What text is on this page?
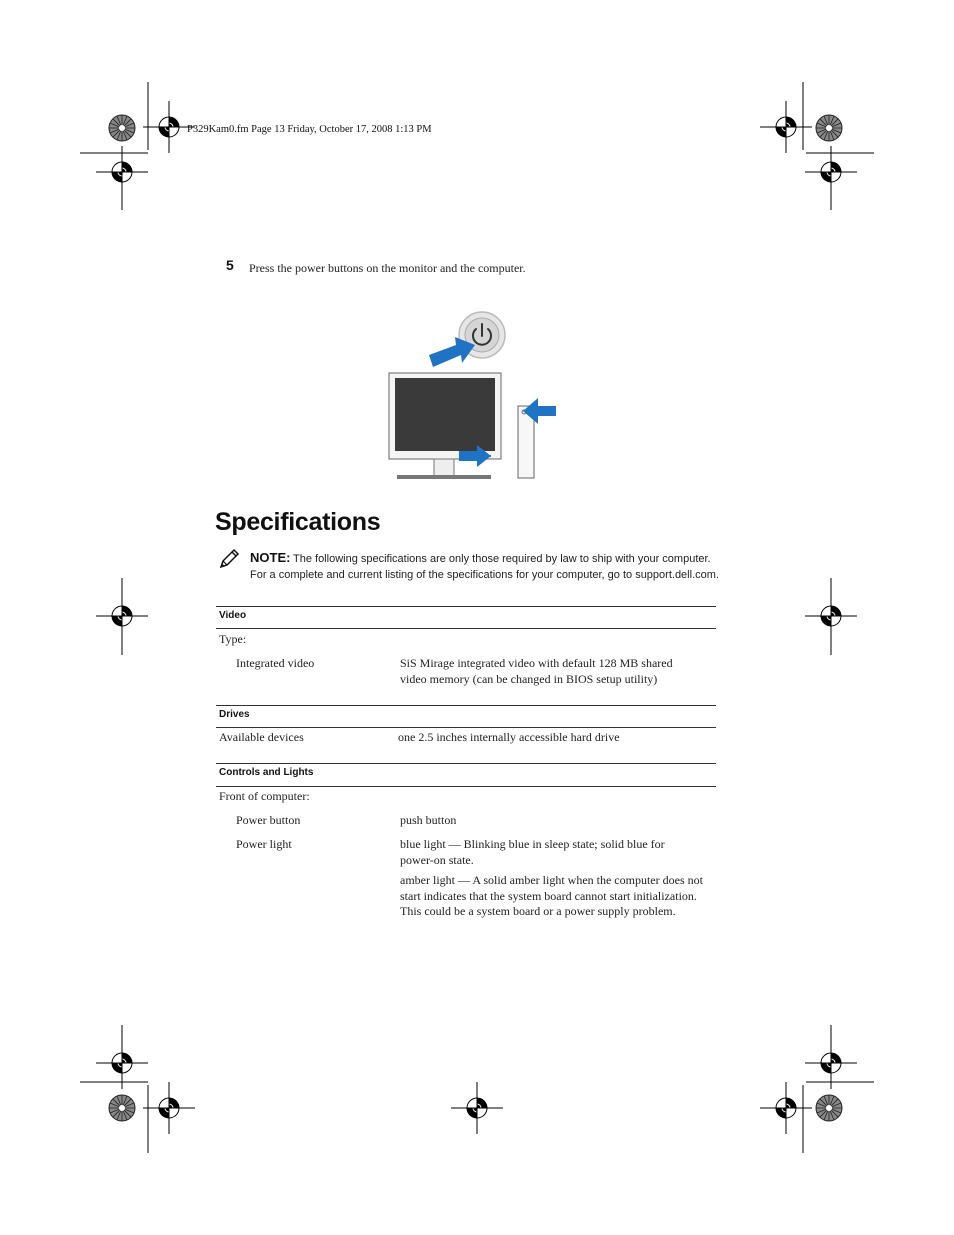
P329Kam0.fm Page 13 Friday, October 17, 2008 1:13 PM
5 Press the power buttons on the monitor and the computer.
Specifications
NOTE: The following specifications are only those required by law to ship with your computer.
For a complete and current listing of the specifications for your computer, go to support.dell.com.
Video
Type:
Integrated video	SiS Mirage integrated video with default 128 MB shared video memory (can be changed in BIOS setup utility)
Drives
Available devices	one 2.5 inches internally accessible hard drive
Controls and Lights
Front of computer:
Power button	push button
Power light	blue light — Blinking blue in sleep state; solid blue for power-on state.
amber light — A solid amber light when the computer does not start indicates that the system board cannot start initialization. This could be a system board or a power supply problem.
